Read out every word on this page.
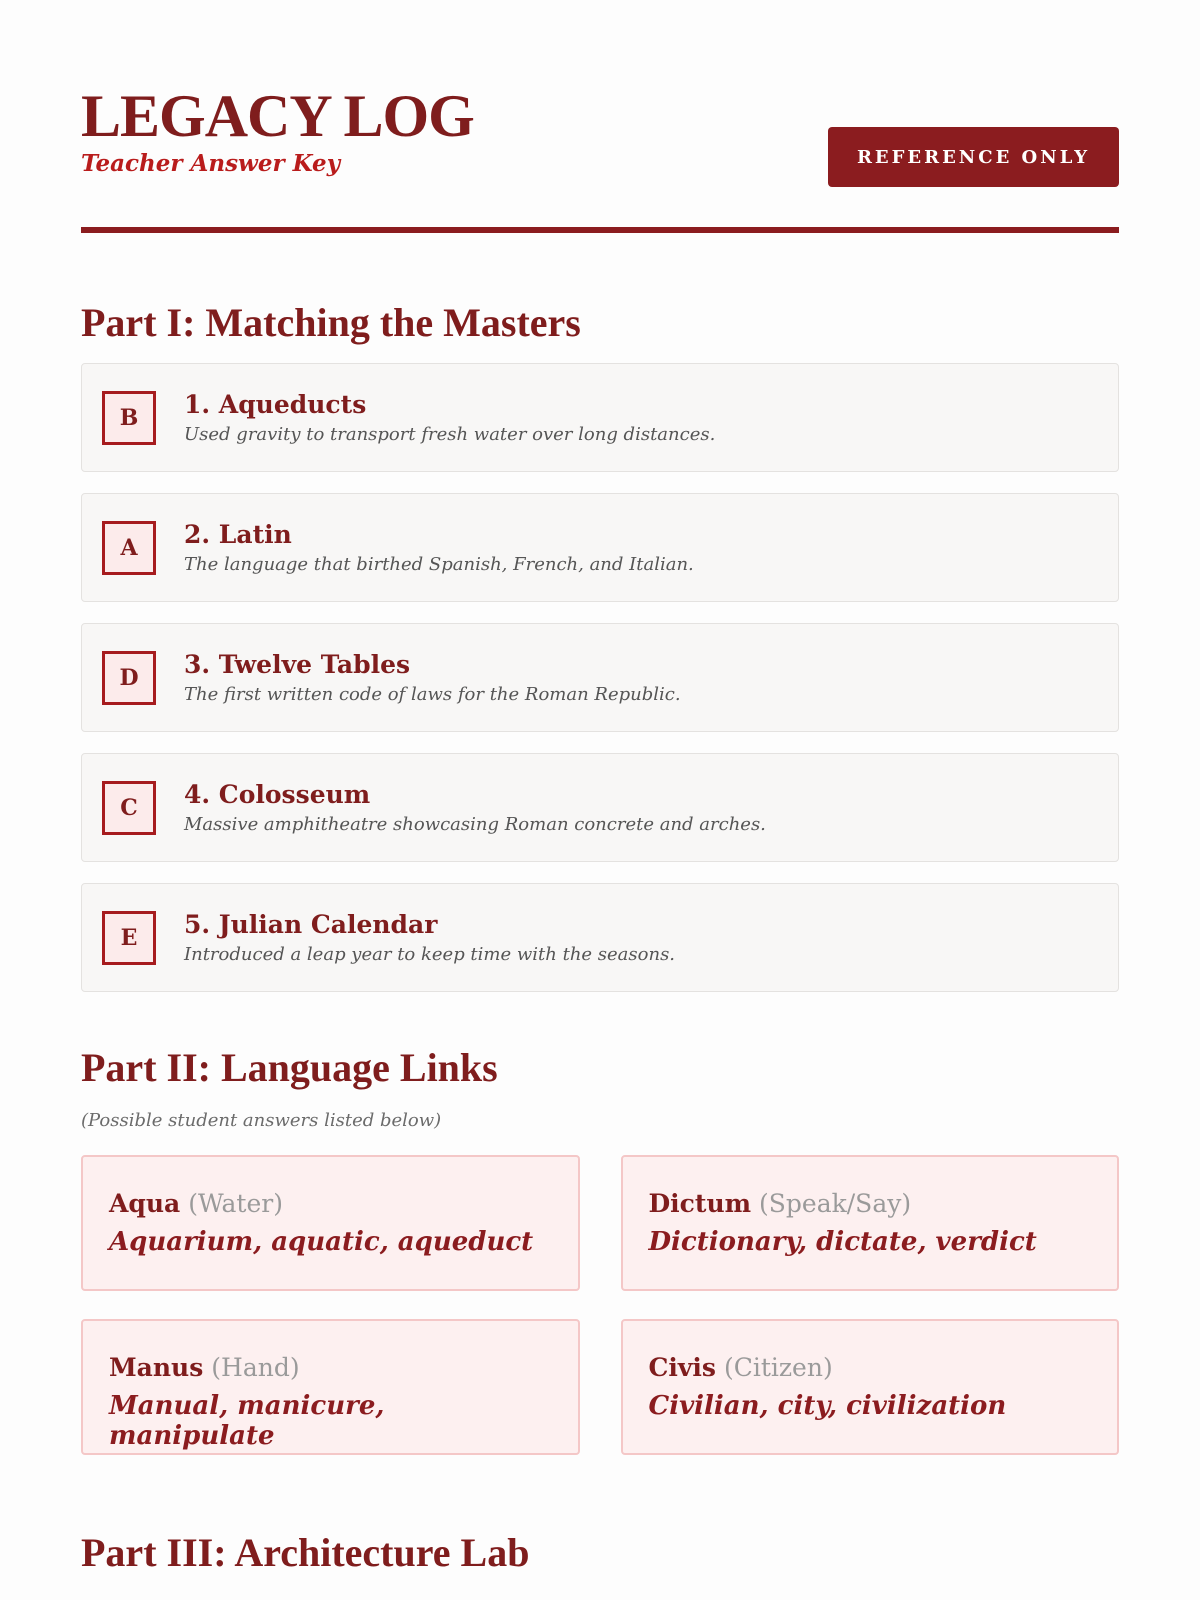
LEGACY LOG
Teacher Answer Key	REFERENCE ONLY
Part I: Matching the Masters
B	1. Aqueducts
Used gravity to transport fresh water over long distances.
A	2. Latin
The language that birthed Spanish, French, and Italian.
D	3. Twelve Tables
The first written code of laws for the Roman Republic.
C	4. Colosseum
Massive amphitheatre showcasing Roman concrete and arches.
E	5. Julian Calendar
Introduced a leap year to keep time with the seasons.
Part II: Language Links
(Possible student answers listed below)
Aqua (Water)
Aquarium, aquatic, aqueduct
Dictum (Speak/Say)
Dictionary, dictate, verdict
Manus (Hand)
Manual, manicure, manipulate
Civis (Citizen)
Civilian, city, civilization
Part III: Architecture Lab
